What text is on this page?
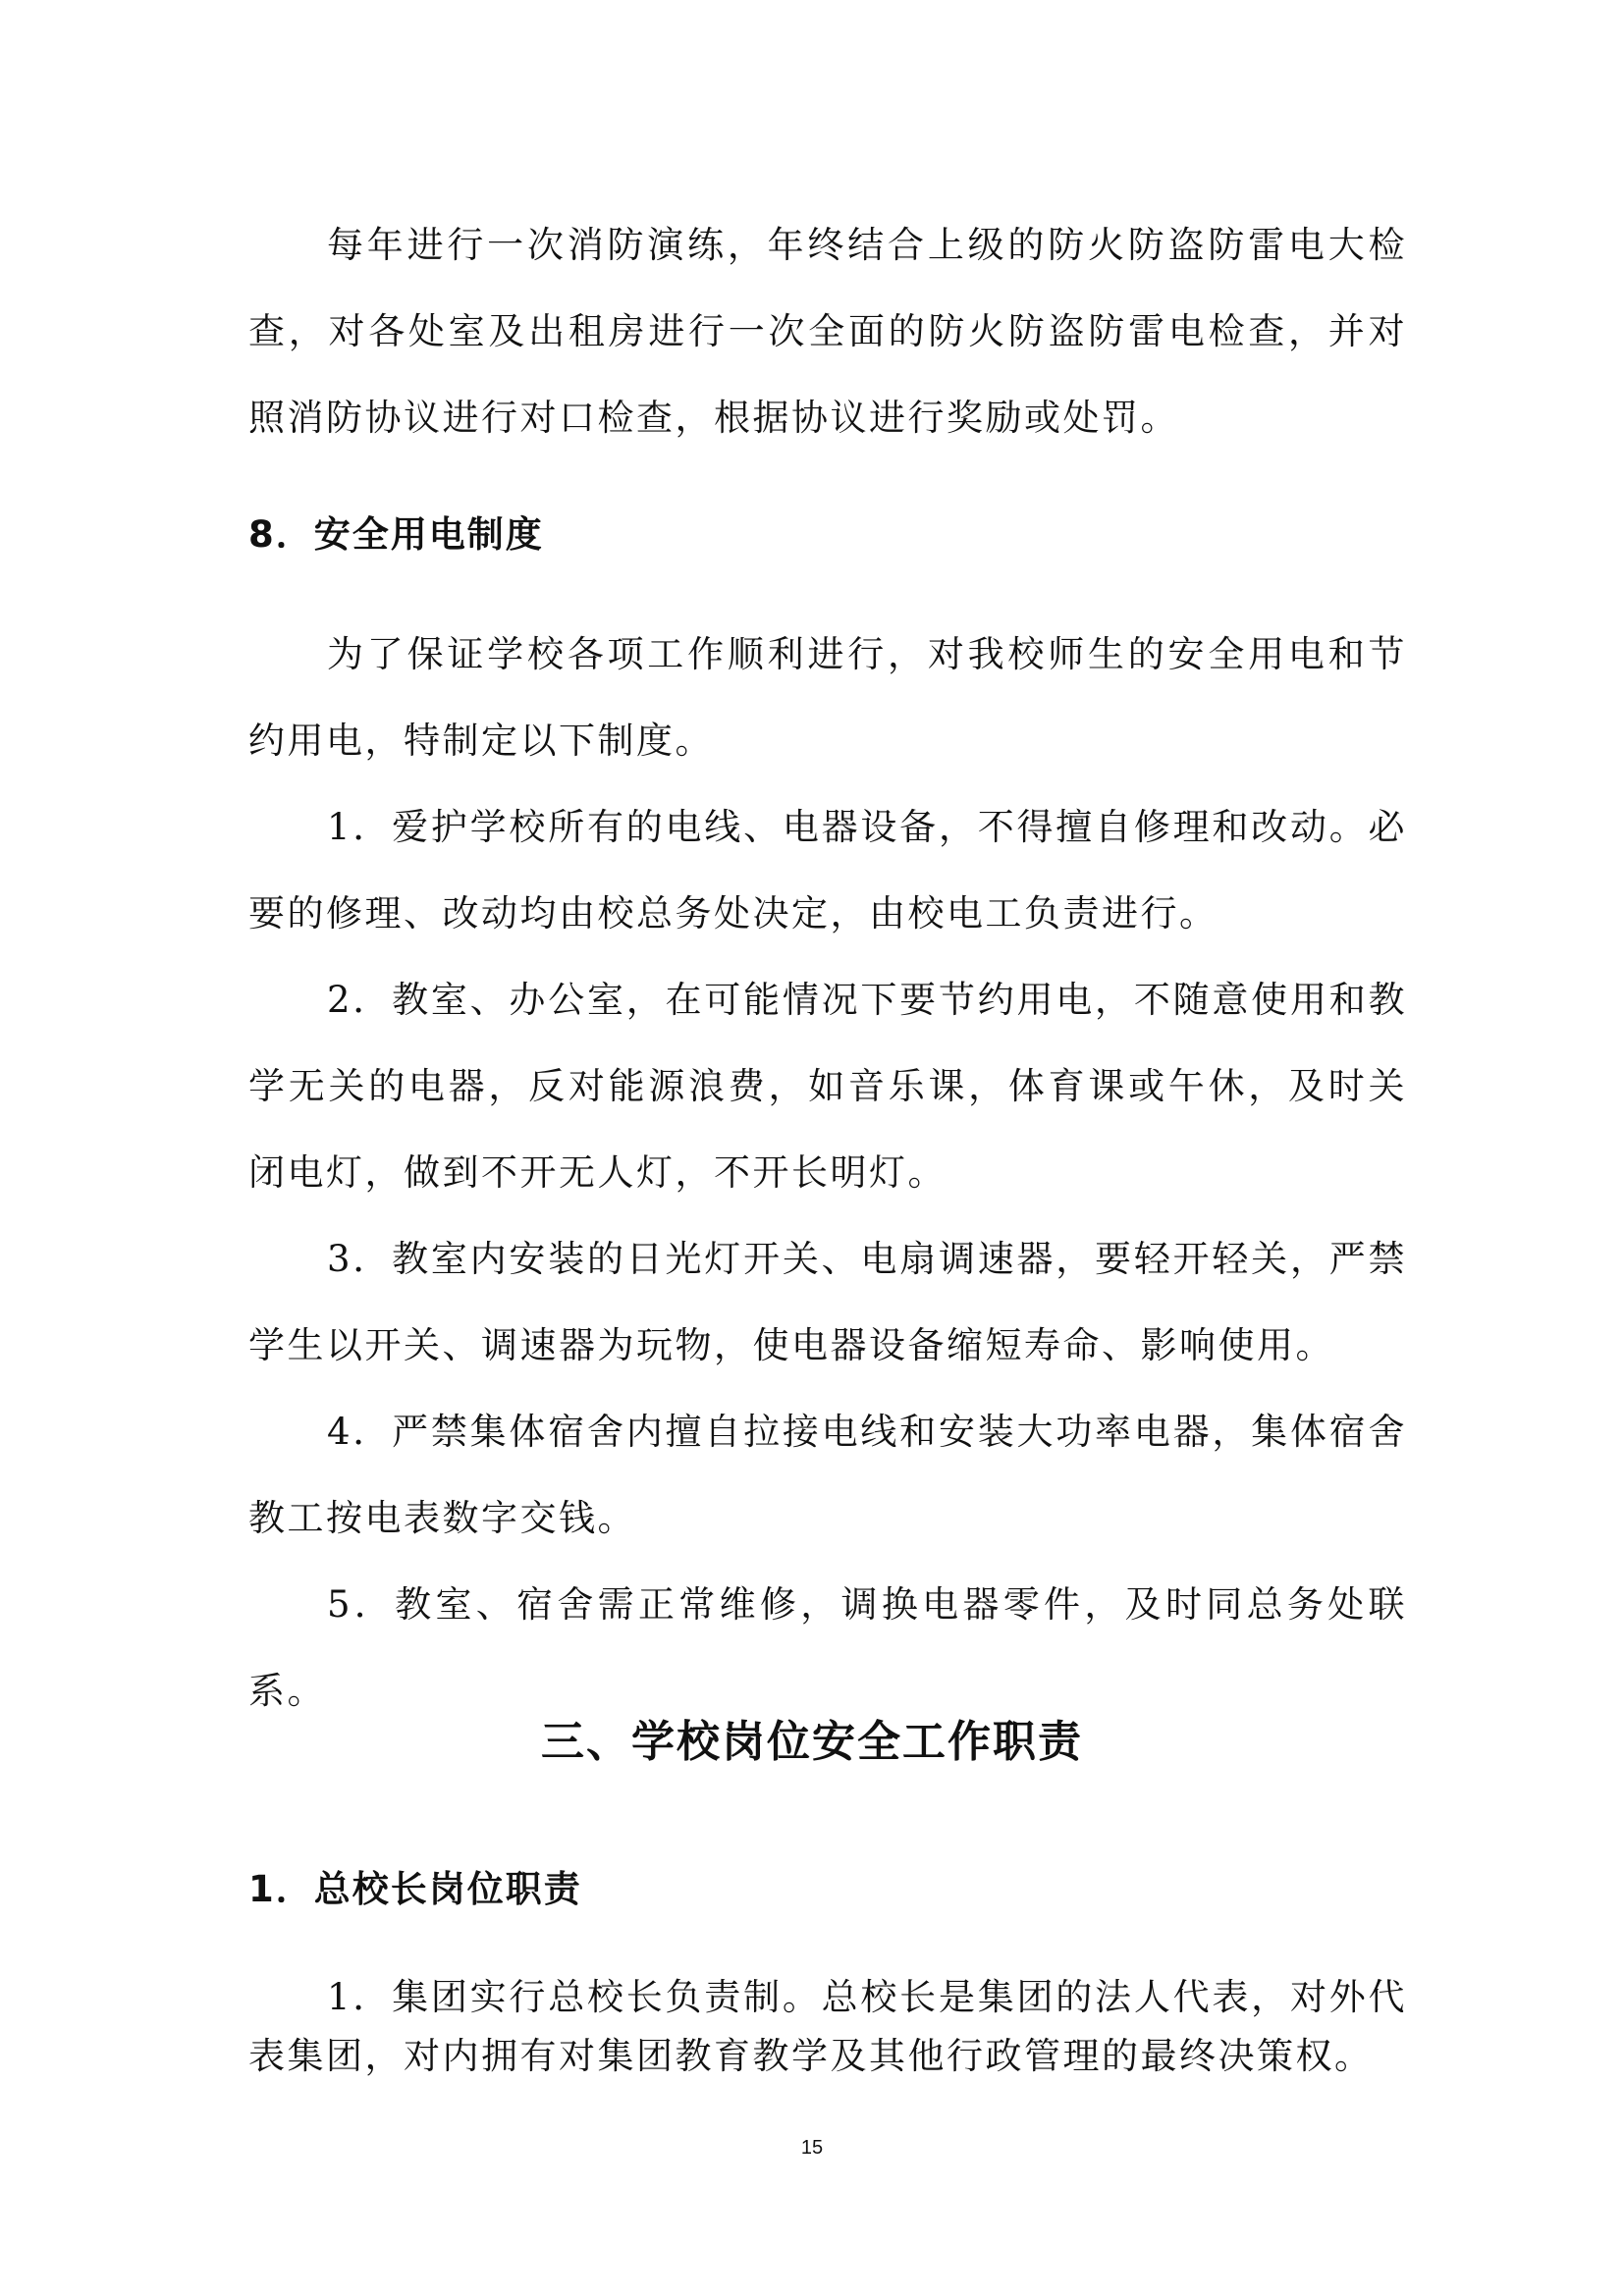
每年进行一次消防演练，年终结合上级的防火防盗防雷电大检查，对各处室及出租房进行一次全面的防火防盗防雷电检查，并对照消防协议进行对口检查，根据协议进行奖励或处罚。

8．安全用电制度

为了保证学校各项工作顺利进行，对我校师生的安全用电和节约用电，特制定以下制度。

1．爱护学校所有的电线、电器设备，不得擅自修理和改动。必要的修理、改动均由校总务处决定，由校电工负责进行。

2．教室、办公室，在可能情况下要节约用电，不随意使用和教学无关的电器，反对能源浪费，如音乐课，体育课或午休，及时关闭电灯，做到不开无人灯，不开长明灯。

3．教室内安装的日光灯开关、电扇调速器，要轻开轻关，严禁学生以开关、调速器为玩物，使电器设备缩短寿命、影响使用。

4．严禁集体宿舍内擅自拉接电线和安装大功率电器，集体宿舍教工按电表数字交钱。

5．教室、宿舍需正常维修，调换电器零件，及时同总务处联系。

三、学校岗位安全工作职责
1．总校长岗位职责

1．集团实行总校长负责制。总校长是集团的法人代表，对外代表集团，对内拥有对集团教育教学及其他行政管理的最终决策权。

15
